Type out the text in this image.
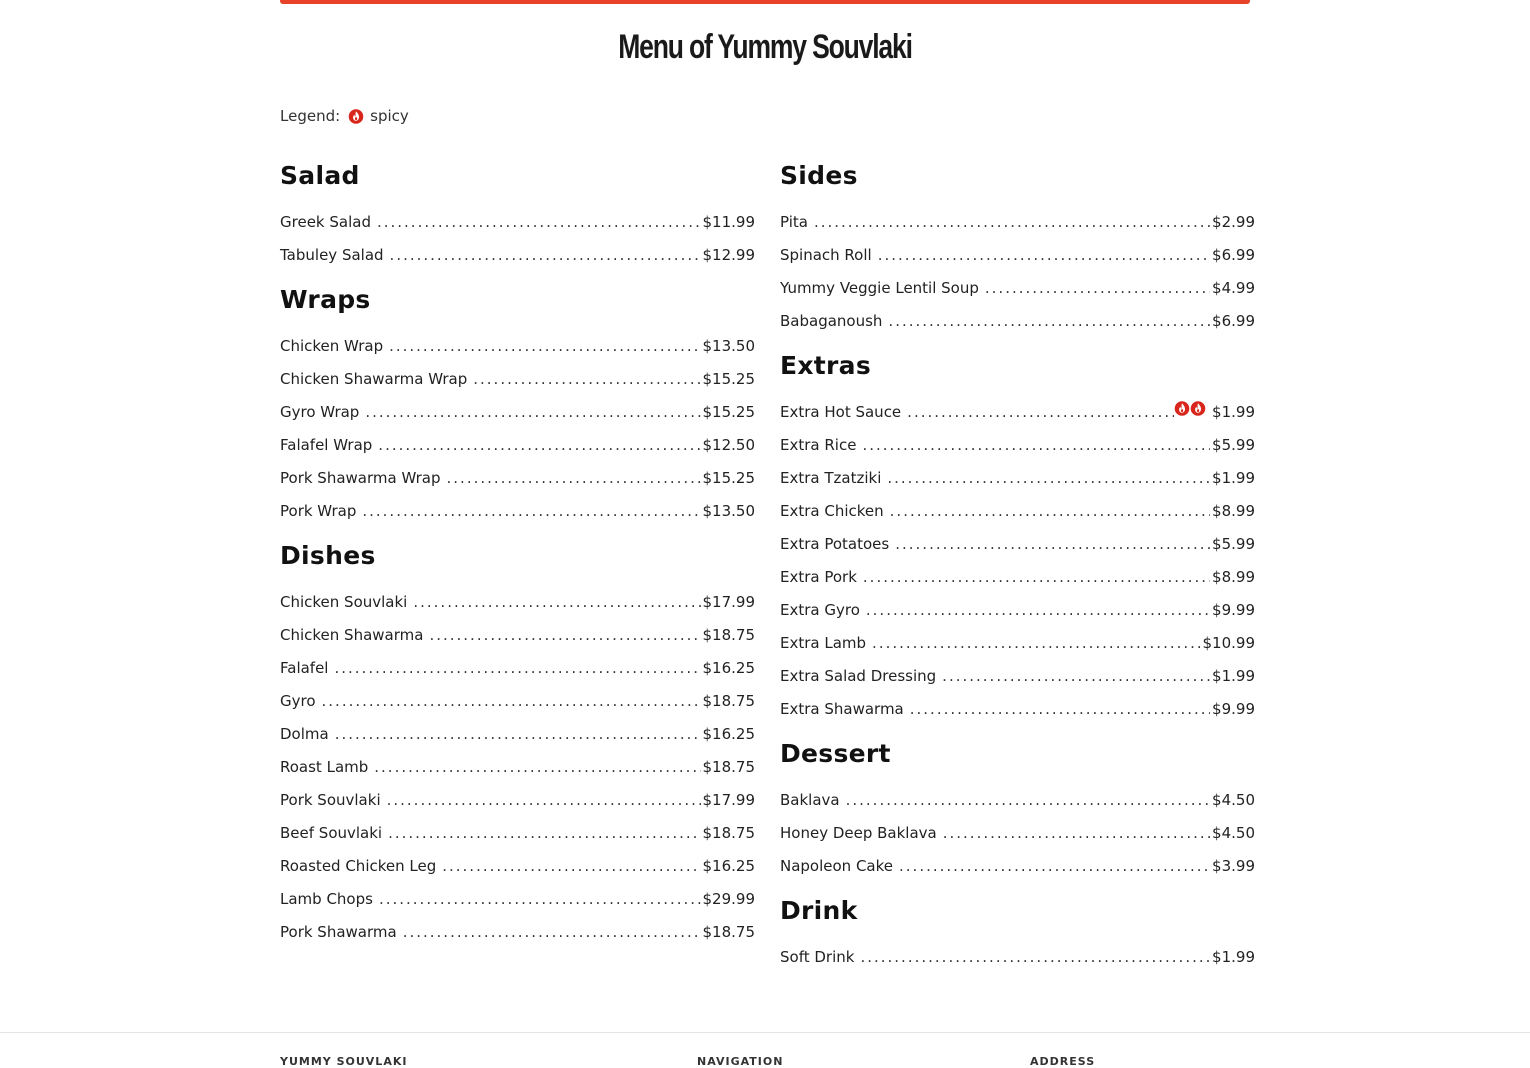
Menu of Yummy Souvlaki
Legend: spicy
Salad
Greek Salad .....	$11.99
Tabuley Salad .....	$12.99
Wraps
Chicken Wrap .....	$13.50
Chicken Shawarma Wrap .....	$15.25
Gyro Wrap .....	$15.25
Falafel Wrap .....	$12.50
Pork Shawarma Wrap .....	$15.25
Pork Wrap .....	$13.50
Dishes
Chicken Souvlaki .....	$17.99
Chicken Shawarma .....	$18.75
Falafel .....	$16.25
Gyro .....	$18.75
Dolma .....	$16.25
Roast Lamb .....	$18.75
Pork Souvlaki .....	$17.99
Beef Souvlaki .....	$18.75
Roasted Chicken Leg .....	$16.25
Lamb Chops .....	$29.99
Pork Shawarma .....	$18.75
Sides
Pita .....	$2.99
Spinach Roll .....	$6.99
Yummy Veggie Lentil Soup .....	$4.99
Babaganoush .....	$6.99
Extras
Extra Hot Sauce .....	$1.99
Extra Rice .....	$5.99
Extra Tzatziki .....	$1.99
Extra Chicken .....	$8.99
Extra Potatoes .....	$5.99
Extra Pork .....	$8.99
Extra Gyro .....	$9.99
Extra Lamb .....	$10.99
Extra Salad Dressing .....	$1.99
Extra Shawarma .....	$9.99
Dessert
Baklava .....	$4.50
Honey Deep Baklava .....	$4.50
Napoleon Cake .....	$3.99
Drink
Soft Drink .....	$1.99
YUMMY SOUVLAKI	NAVIGATION	ADDRESS
